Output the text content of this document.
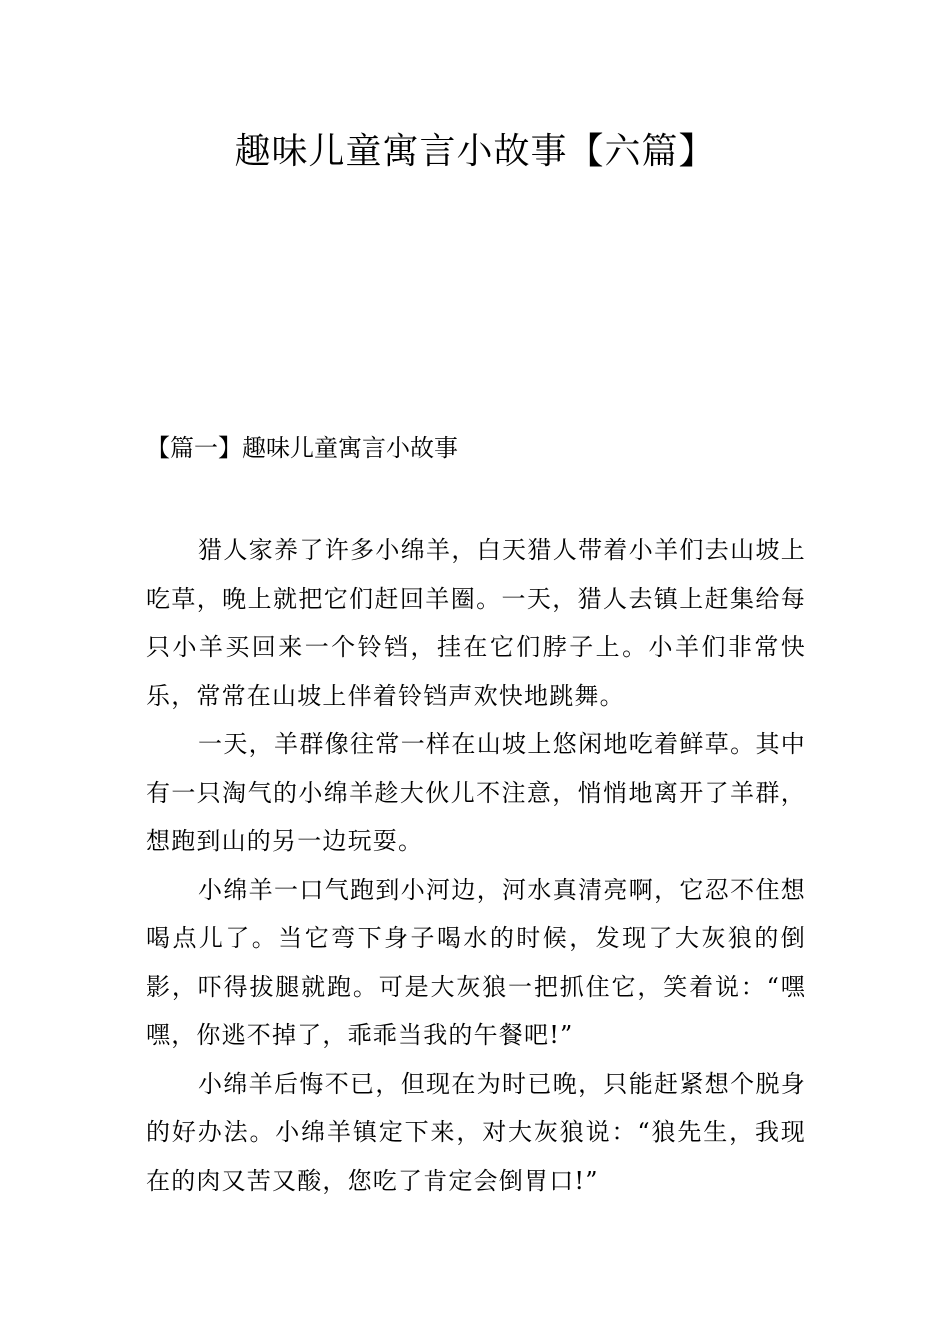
趣味儿童寓言小故事【六篇】
【篇一】趣味儿童寓言小故事

猎人家养了许多小绵羊，白天猎人带着小羊们去山坡上吃草，晚上就把它们赶回羊圈。一天，猎人去镇上赶集给每只小羊买回来一个铃铛，挂在它们脖子上。小羊们非常快乐，常常在山坡上伴着铃铛声欢快地跳舞。

一天，羊群像往常一样在山坡上悠闲地吃着鲜草。其中有一只淘气的小绵羊趁大伙儿不注意，悄悄地离开了羊群，想跑到山的另一边玩耍。

小绵羊一口气跑到小河边，河水真清亮啊，它忍不住想喝点儿了。当它弯下身子喝水的时候，发现了大灰狼的倒影，吓得拔腿就跑。可是大灰狼一把抓住它，笑着说：“嘿嘿，你逃不掉了，乖乖当我的午餐吧!”

小绵羊后悔不已，但现在为时已晚，只能赶紧想个脱身的好办法。小绵羊镇定下来，对大灰狼说：“狼先生，我现在的肉又苦又酸，您吃了肯定会倒胃口!”
